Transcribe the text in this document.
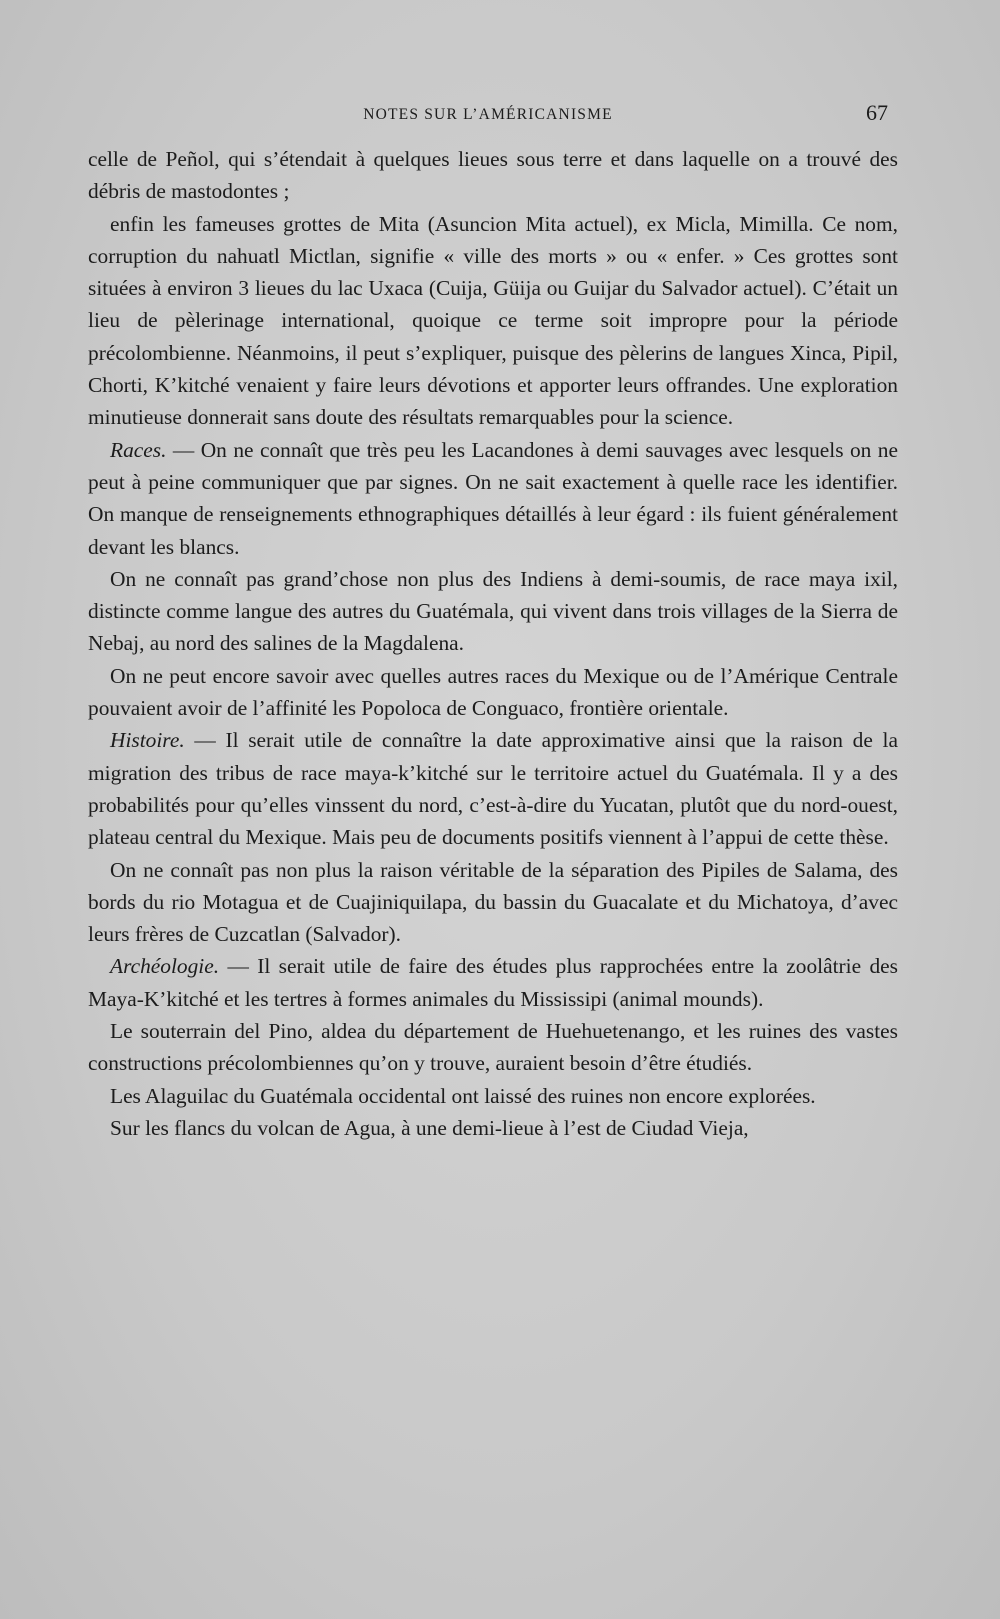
NOTES SUR L’AMÉRICANISME	67

celle de Peñol, qui s’étendait à quelques lieues sous terre et dans laquelle on a trouvé des débris de mastodontes ;

enfin les fameuses grottes de Mita (Asuncion Mita actuel), ex Micla, Mimilla. Ce nom, corruption du nahuatl Mictlan, signifie « ville des morts » ou « enfer. » Ces grottes sont situées à environ 3 lieues du lac Uxaca (Cuija, Güija ou Guijar du Salvador actuel). C’était un lieu de pèlerinage international, quoique ce terme soit impropre pour la période précolombienne. Néanmoins, il peut s’expliquer, puisque des pèlerins de langues Xinca, Pipil, Chorti, K’kitché venaient y faire leurs dévotions et apporter leurs offrandes. Une exploration minutieuse donnerait sans doute des résultats remarquables pour la science.

Races. — On ne connaît que très peu les Lacandones à demi sauvages avec lesquels on ne peut à peine communiquer que par signes. On ne sait exactement à quelle race les identifier. On manque de renseignements ethnographiques détaillés à leur égard : ils fuient généralement devant les blancs.

On ne connaît pas grand’chose non plus des Indiens à demi-soumis, de race maya ixil, distincte comme langue des autres du Guatémala, qui vivent dans trois villages de la Sierra de Nebaj, au nord des salines de la Magdalena.

On ne peut encore savoir avec quelles autres races du Mexique ou de l’Amérique Centrale pouvaient avoir de l’affinité les Popoloca de Conguaco, frontière orientale.

Histoire. — Il serait utile de connaître la date approximative ainsi que la raison de la migration des tribus de race maya-k’kitché sur le territoire actuel du Guatémala. Il y a des probabilités pour qu’elles vinssent du nord, c’est-à-dire du Yucatan, plutôt que du nord-ouest, plateau central du Mexique. Mais peu de documents positifs viennent à l’appui de cette thèse.

On ne connaît pas non plus la raison véritable de la séparation des Pipiles de Salama, des bords du rio Motagua et de Cuajiniquilapa, du bassin du Guacalate et du Michatoya, d’avec leurs frères de Cuzcatlan (Salvador).

Archéologie. — Il serait utile de faire des études plus rapprochées entre la zoolâtrie des Maya-K’kitché et les tertres à formes animales du Mississipi (animal mounds).

Le souterrain del Pino, aldea du département de Huehuetenango, et les ruines des vastes constructions précolombiennes qu’on y trouve, auraient besoin d’être étudiés.

Les Alaguilac du Guatémala occidental ont laissé des ruines non encore explorées.

Sur les flancs du volcan de Agua, à une demi-lieue à l’est de Ciudad Vieja,
